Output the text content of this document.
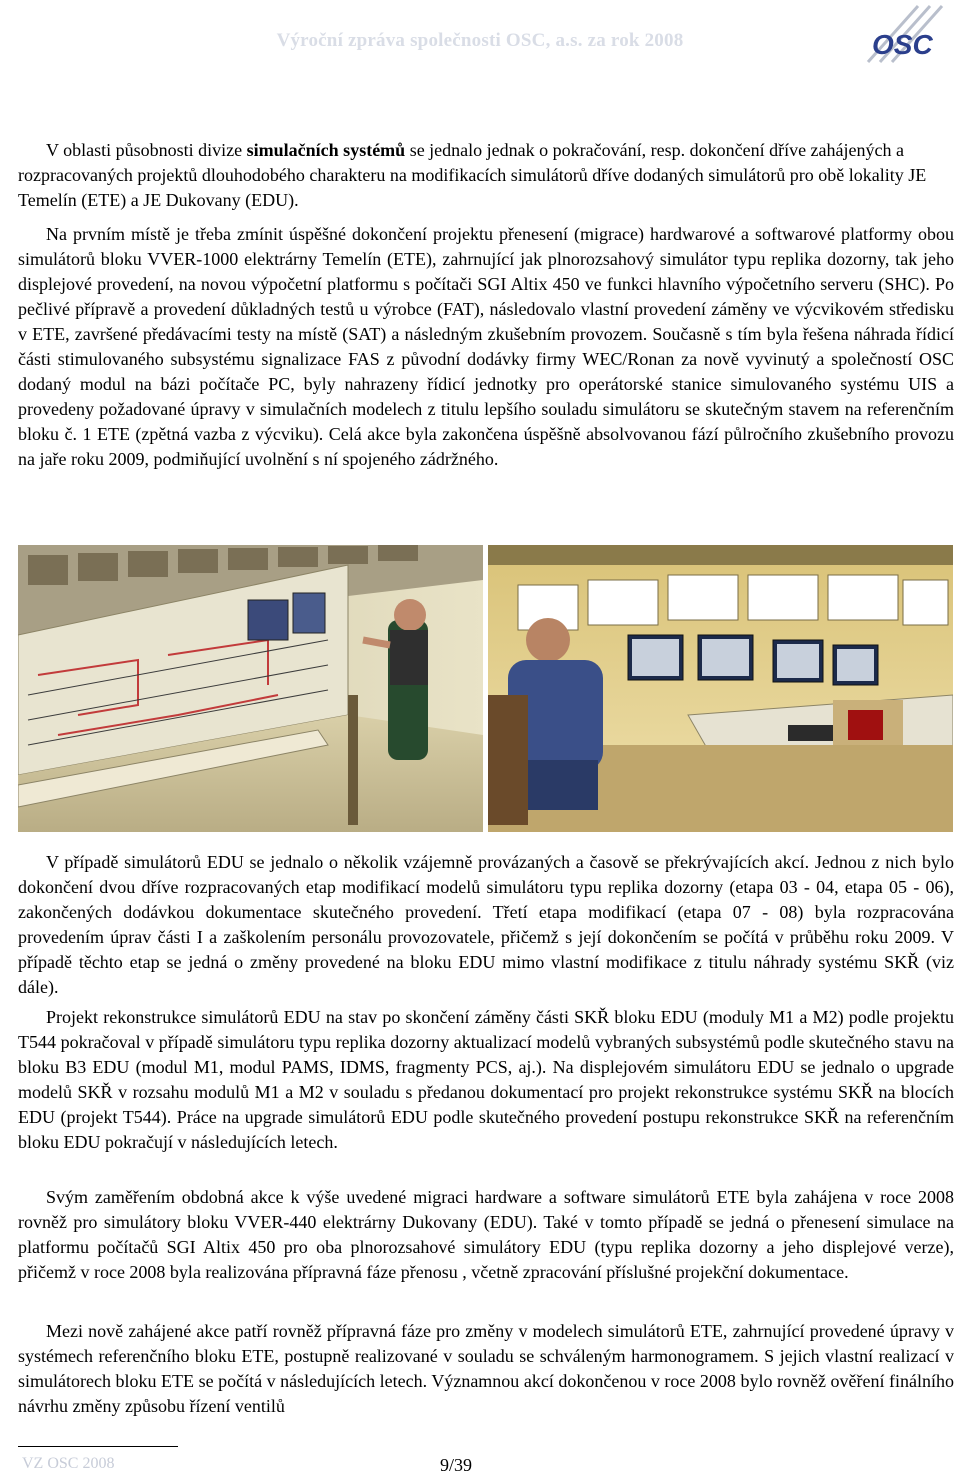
Výroční zpráva společnosti OSC, a.s. za rok 2008	OSC

V oblasti působnosti divize simulačních systémů se jednalo jednak o pokračování, resp. dokončení dříve zahájených a rozpracovaných projektů dlouhodobého charakteru na modifikacích simulátorů dříve dodaných simulátorů pro obě lokality JE Temelín (ETE) a JE Dukovany (EDU).

Na prvním místě je třeba zmínit úspěšné dokončení projektu přenesení (migrace) hardwarové a softwarové platformy obou simulátorů bloku VVER-1000 elektrárny Temelín (ETE), zahrnující jak plnorozsahový simulátor typu replika dozorny, tak jeho displejové provedení, na novou výpočetní platformu s počítači SGI Altix 450 ve funkci hlavního výpočetního serveru (SHC). Po pečlivé přípravě a provedení důkladných testů u výrobce (FAT), následovalo vlastní provedení záměny ve výcvikovém středisku v ETE, završené předávacími testy na místě (SAT) a následným zkušebním provozem. Současně s tím byla řešena náhrada řídicí části stimulovaného subsystému signalizace FAS z původní dodávky firmy WEC/Ronan za nově vyvinutý a společností OSC dodaný modul na bázi počítače PC, byly nahrazeny řídicí jednotky pro operátorské stanice simulovaného systému UIS a provedeny požadované úpravy v simulačních modelech z titulu lepšího souladu simulátoru se skutečným stavem na referenčním bloku č. 1 ETE (zpětná vazba z výcviku). Celá akce byla zakončena úspěšně absolvovanou fází půlročního zkušebního provozu na jaře roku 2009, podmiňující uvolnění s ní spojeného zádržného.

V případě simulátorů EDU se jednalo o několik vzájemně provázaných a časově se překrývajících akcí. Jednou z nich bylo dokončení dvou dříve rozpracovaných etap modifikací modelů simulátoru typu replika dozorny (etapa 03 - 04, etapa 05 - 06), zakončených dodávkou dokumentace skutečného provedení. Třetí etapa modifikací (etapa 07 - 08) byla rozpracována provedením úprav části I a zaškolením personálu provozovatele, přičemž s její dokončením se počítá v průběhu roku 2009. V případě těchto etap se jedná o změny provedené na bloku EDU mimo vlastní modifikace z titulu náhrady systému SKŘ (viz dále).

Projekt rekonstrukce simulátorů EDU na stav po skončení záměny části SKŘ bloku EDU (moduly M1 a M2) podle projektu T544 pokračoval v případě simulátoru typu replika dozorny aktualizací modelů vybraných subsystémů podle skutečného stavu na bloku B3 EDU (modul M1, modul PAMS, IDMS, fragmenty PCS, aj.). Na displejovém simulátoru EDU se jednalo o upgrade modelů SKŘ v rozsahu modulů M1 a M2 v souladu s předanou dokumentací pro projekt rekonstrukce systému SKŘ na blocích EDU (projekt T544). Práce na upgrade simulátorů EDU podle skutečného provedení postupu rekonstrukce SKŘ na referenčním bloku EDU pokračují v následujících letech.

Svým zaměřením obdobná akce k výše uvedené migraci hardware a software simulátorů ETE byla zahájena v roce 2008 rovněž pro simulátory bloku VVER-440 elektrárny Dukovany (EDU). Také v tomto případě se jedná o přenesení simulace na platformu počítačů SGI Altix 450 pro oba plnorozsahové simulátory EDU (typu replika dozorny a jeho displejové verze), přičemž v roce 2008 byla realizována přípravná fáze přenosu , včetně zpracování příslušné projekční dokumentace.

Mezi nově zahájené akce patří rovněž přípravná fáze pro změny v modelech simulátorů ETE, zahrnující provedené úpravy v systémech referenčního bloku ETE, postupně realizované v souladu se schváleným harmonogramem. S jejich vlastní realizací v simulátorech bloku ETE se počítá v následujících letech. Významnou akcí dokončenou v roce 2008 bylo rovněž ověření finálního návrhu změny způsobu řízení ventilů

VZ OSC 2008	9/39
